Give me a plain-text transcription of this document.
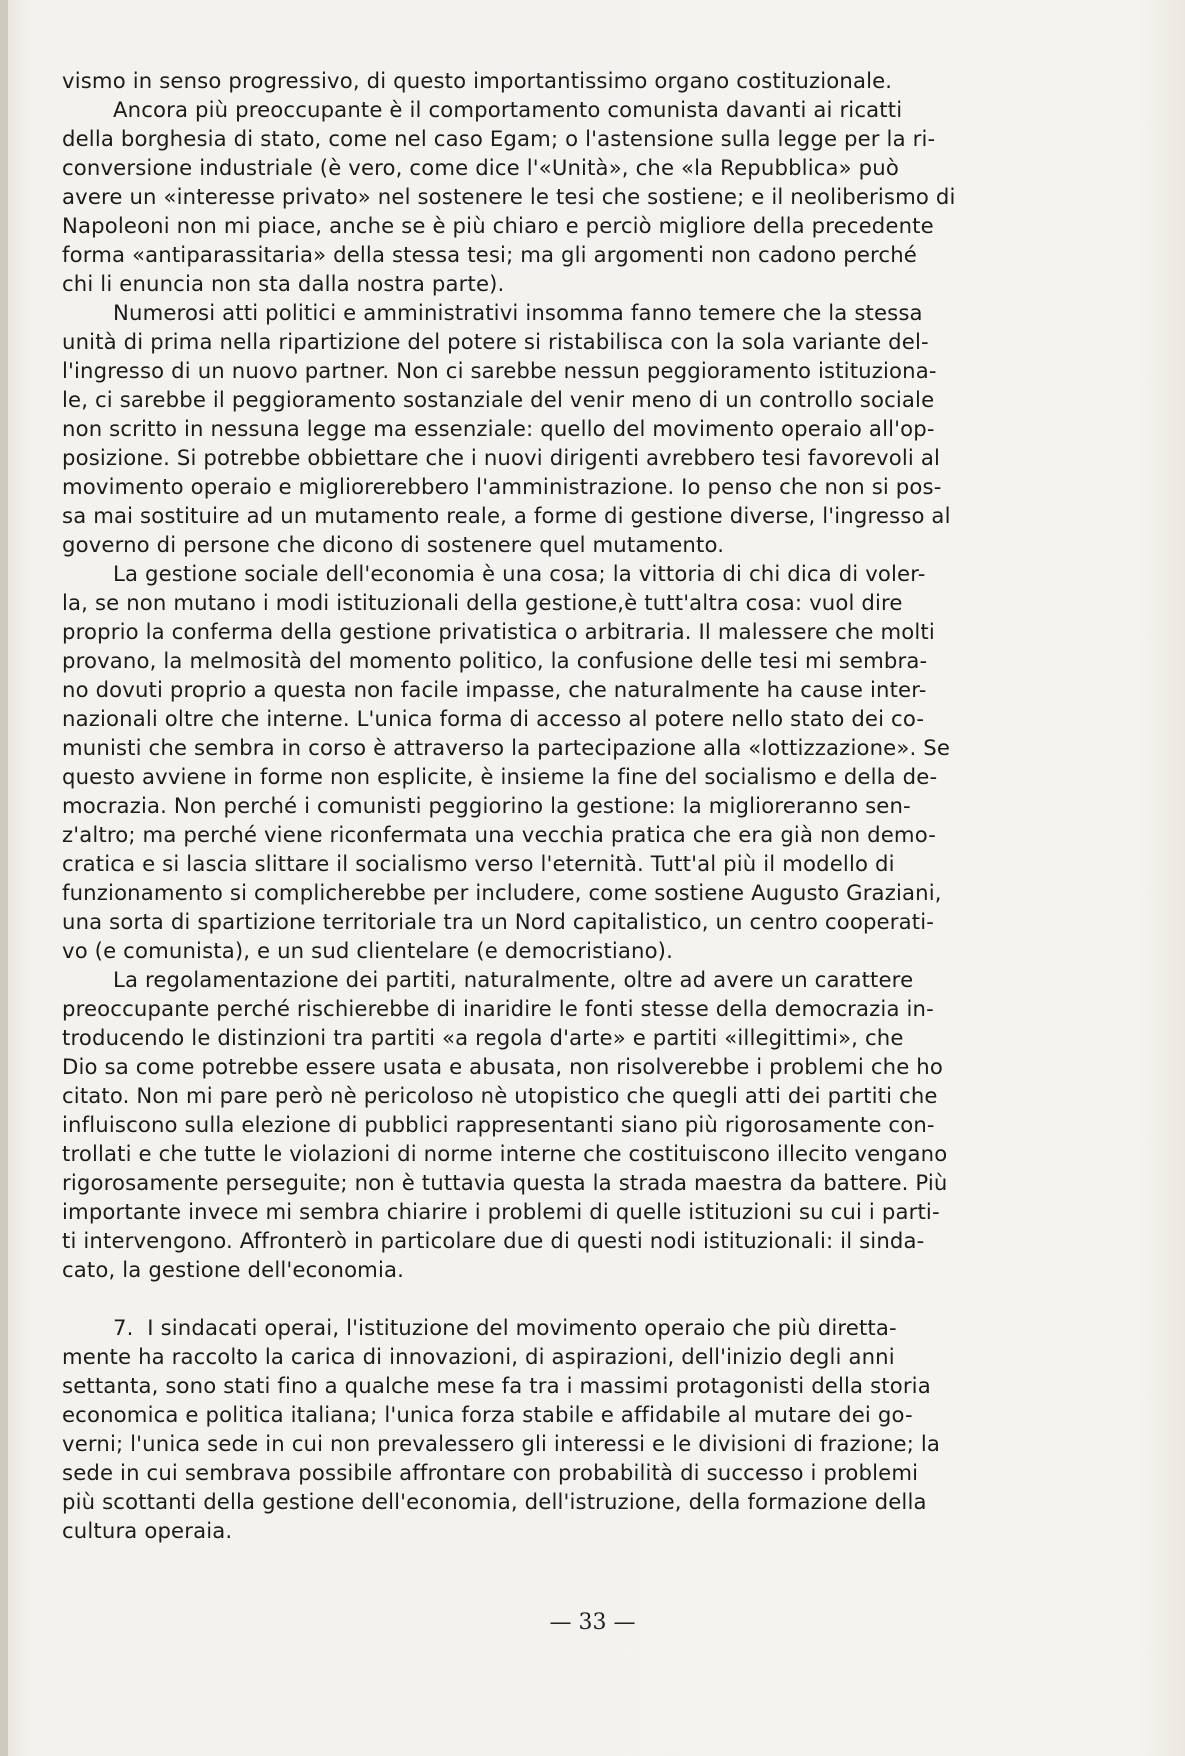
vismo in senso progressivo, di questo importantissimo organo costituzionale.
Ancora più preoccupante è il comportamento comunista davanti ai ricatti
della borghesia di stato, come nel caso Egam; o l'astensione sulla legge per la ri-
conversione industriale (è vero, come dice l'«Unità», che «la Repubblica» può
avere un «interesse privato» nel sostenere le tesi che sostiene; e il neoliberismo di
Napoleoni non mi piace, anche se è più chiaro e perciò migliore della precedente
forma «antiparassitaria» della stessa tesi; ma gli argomenti non cadono perché
chi li enuncia non sta dalla nostra parte).
Numerosi atti politici e amministrativi insomma fanno temere che la stessa
unità di prima nella ripartizione del potere si ristabilisca con la sola variante del-
l'ingresso di un nuovo partner. Non ci sarebbe nessun peggioramento istituziona-
le, ci sarebbe il peggioramento sostanziale del venir meno di un controllo sociale
non scritto in nessuna legge ma essenziale: quello del movimento operaio all'op-
posizione. Si potrebbe obbiettare che i nuovi dirigenti avrebbero tesi favorevoli al
movimento operaio e migliorerebbero l'amministrazione. Io penso che non si pos-
sa mai sostituire ad un mutamento reale, a forme di gestione diverse, l'ingresso al
governo di persone che dicono di sostenere quel mutamento.
La gestione sociale dell'economia è una cosa; la vittoria di chi dica di voler-
la, se non mutano i modi istituzionali della gestione,è tutt'altra cosa: vuol dire
proprio la conferma della gestione privatistica o arbitraria. Il malessere che molti
provano, la melmosità del momento politico, la confusione delle tesi mi sembra-
no dovuti proprio a questa non facile impasse, che naturalmente ha cause inter-
nazionali oltre che interne. L'unica forma di accesso al potere nello stato dei co-
munisti che sembra in corso è attraverso la partecipazione alla «lottizzazione». Se
questo avviene in forme non esplicite, è insieme la fine del socialismo e della de-
mocrazia. Non perché i comunisti peggiorino la gestione: la miglioreranno sen-
z'altro; ma perché viene riconfermata una vecchia pratica che era già non demo-
cratica e si lascia slittare il socialismo verso l'eternità. Tutt'al più il modello di
funzionamento si complicherebbe per includere, come sostiene Augusto Graziani,
una sorta di spartizione territoriale tra un Nord capitalistico, un centro cooperati-
vo (e comunista), e un sud clientelare (e democristiano).
La regolamentazione dei partiti, naturalmente, oltre ad avere un carattere
preoccupante perché rischierebbe di inaridire le fonti stesse della democrazia in-
troducendo le distinzioni tra partiti «a regola d'arte» e partiti «illegittimi», che
Dio sa come potrebbe essere usata e abusata, non risolverebbe i problemi che ho
citato. Non mi pare però nè pericoloso nè utopistico che quegli atti dei partiti che
influiscono sulla elezione di pubblici rappresentanti siano più rigorosamente con-
trollati e che tutte le violazioni di norme interne che costituiscono illecito vengano
rigorosamente perseguite; non è tuttavia questa la strada maestra da battere. Più
importante invece mi sembra chiarire i problemi di quelle istituzioni su cui i parti-
ti intervengono. Affronterò in particolare due di questi nodi istituzionali: il sinda-
cato, la gestione dell'economia.
7.  I sindacati operai, l'istituzione del movimento operaio che più diretta-
mente ha raccolto la carica di innovazioni, di aspirazioni, dell'inizio degli anni
settanta, sono stati fino a qualche mese fa tra i massimi protagonisti della storia
economica e politica italiana; l'unica forza stabile e affidabile al mutare dei go-
verni; l'unica sede in cui non prevalessero gli interessi e le divisioni di frazione; la
sede in cui sembrava possibile affrontare con probabilità di successo i problemi
più scottanti della gestione dell'economia, dell'istruzione, della formazione della
cultura operaia.
— 33 —
